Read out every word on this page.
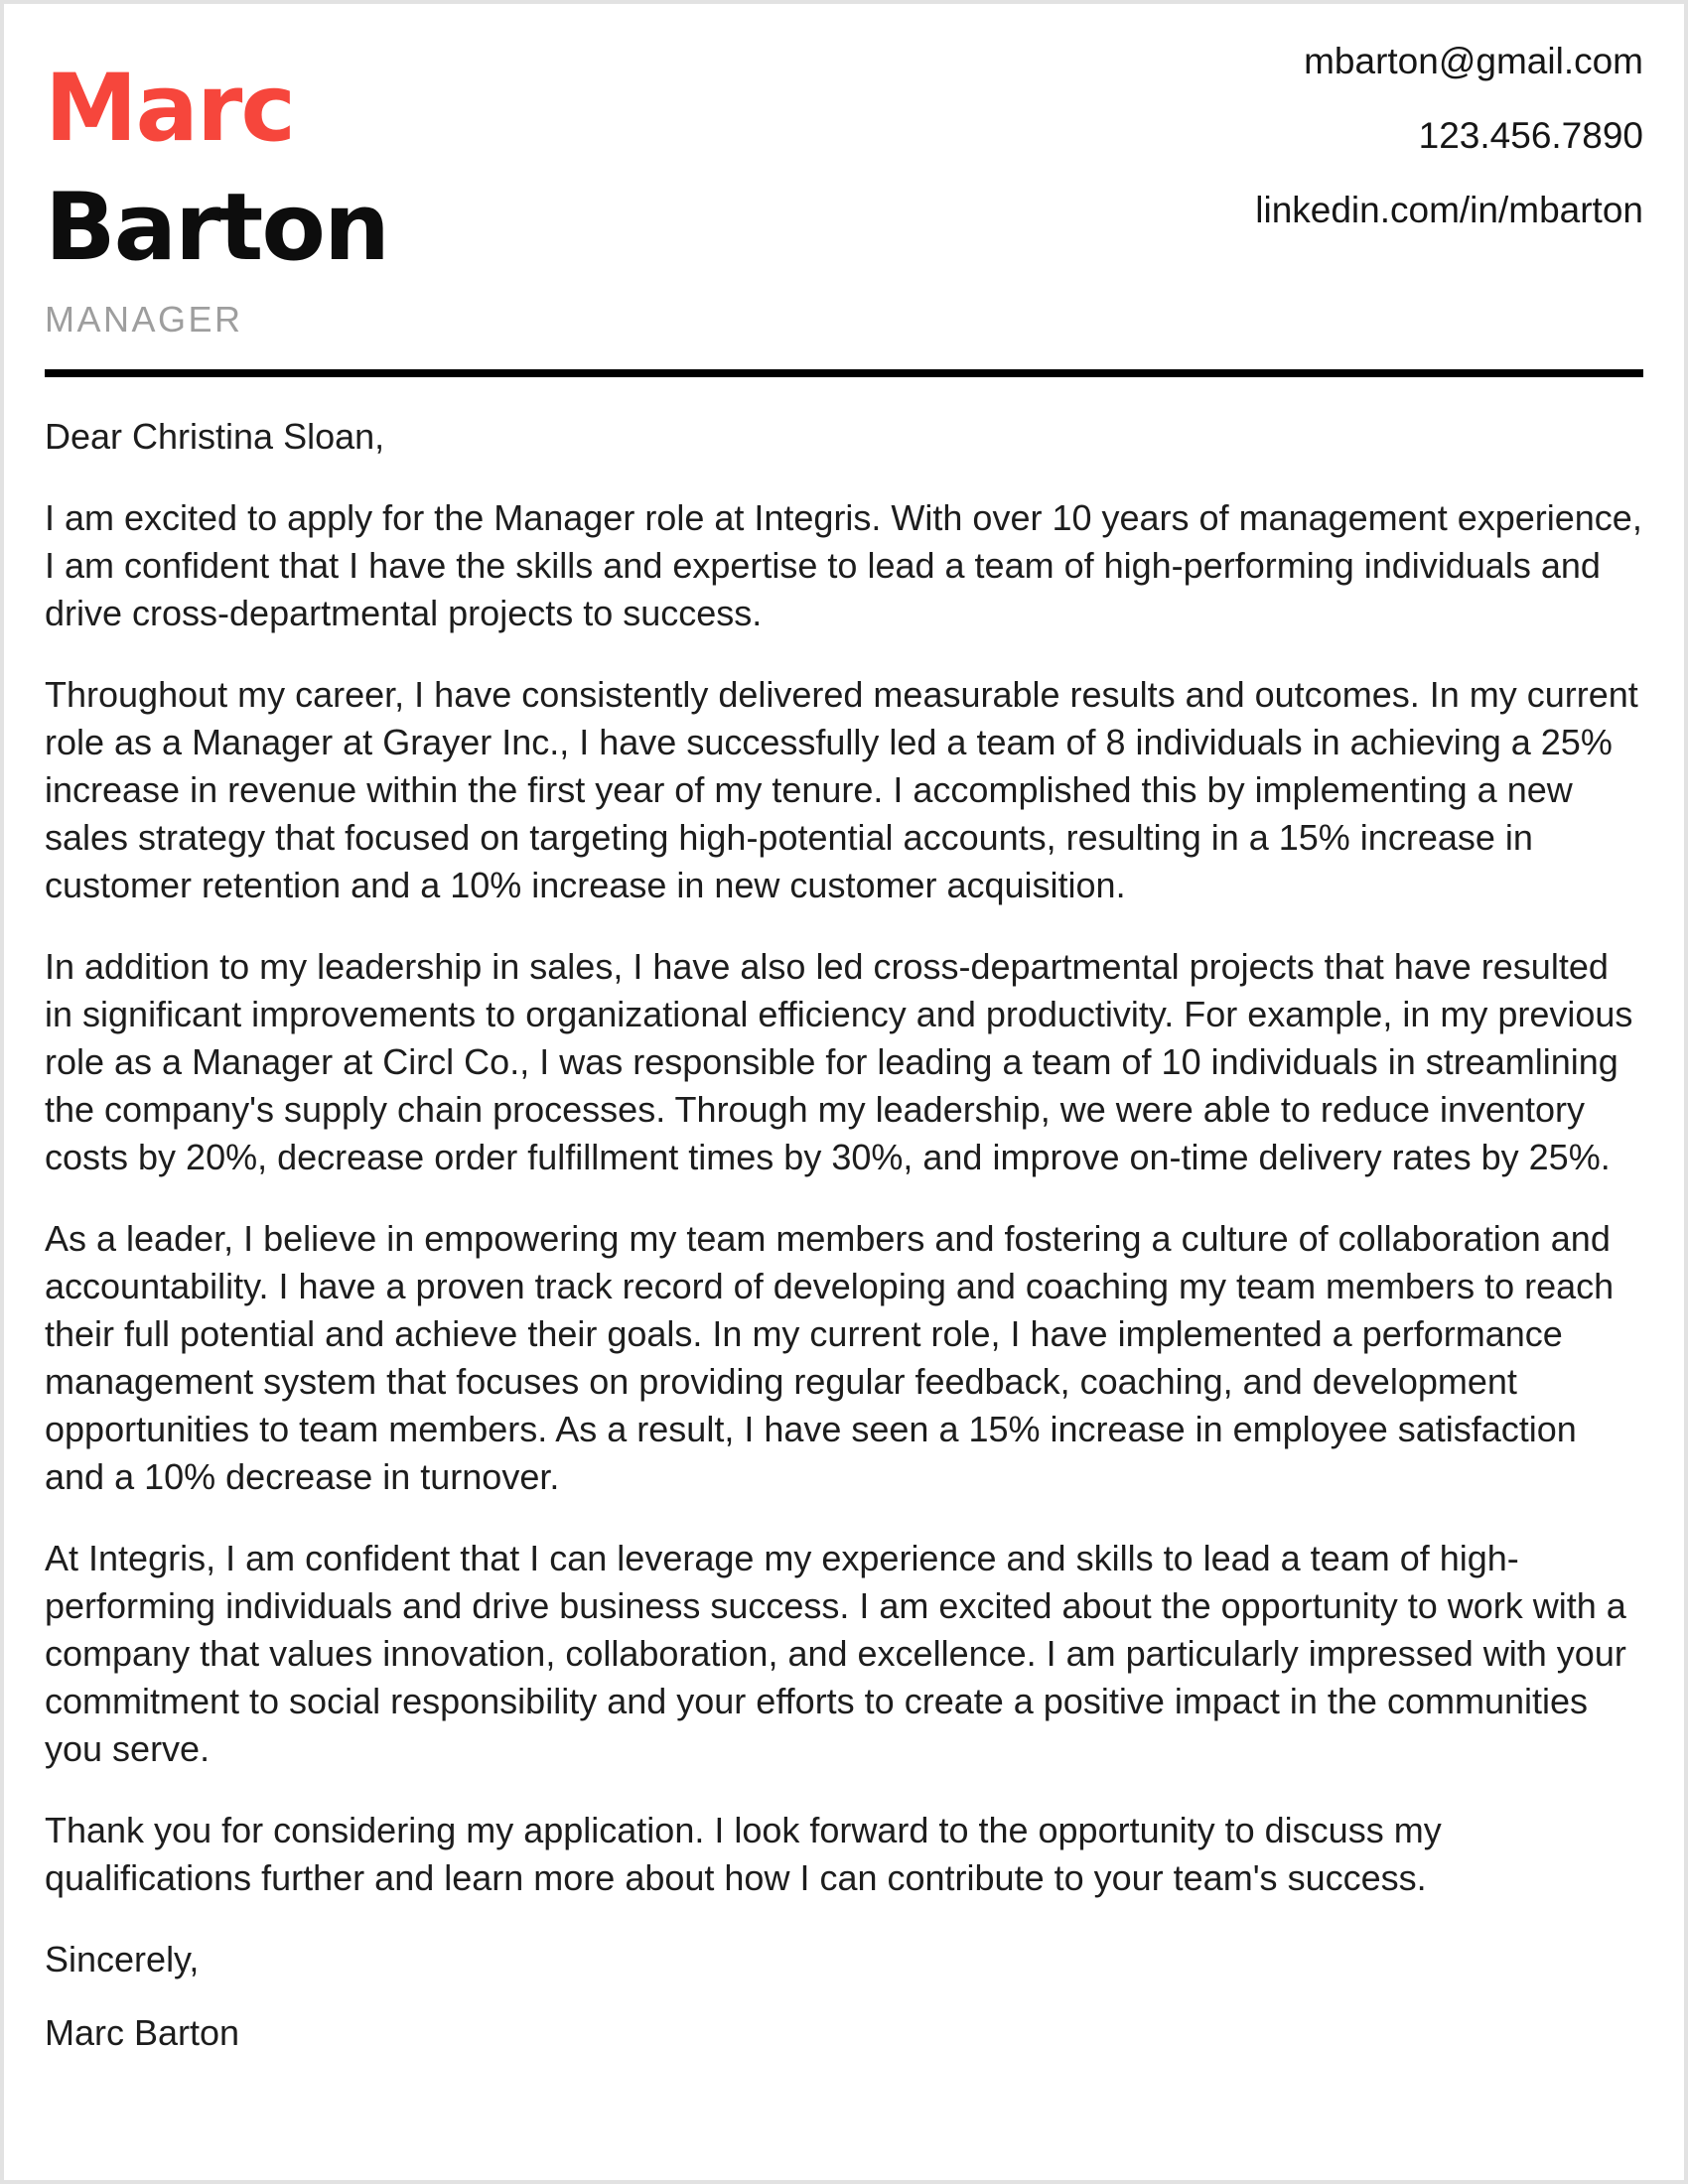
Marc
Barton
MANAGER
mbarton@gmail.com
123.456.7890
linkedin.com/in/mbarton

Dear Christina Sloan,

I am excited to apply for the Manager role at Integris. With over 10 years of management experience, I am confident that I have the skills and expertise to lead a team of high-performing individuals and drive cross-departmental projects to success.

Throughout my career, I have consistently delivered measurable results and outcomes. In my current role as a Manager at Grayer Inc., I have successfully led a team of 8 individuals in achieving a 25% increase in revenue within the first year of my tenure. I accomplished this by implementing a new sales strategy that focused on targeting high-potential accounts, resulting in a 15% increase in customer retention and a 10% increase in new customer acquisition.

In addition to my leadership in sales, I have also led cross-departmental projects that have resulted in significant improvements to organizational efficiency and productivity. For example, in my previous role as a Manager at Circl Co., I was responsible for leading a team of 10 individuals in streamlining the company's supply chain processes. Through my leadership, we were able to reduce inventory costs by 20%, decrease order fulfillment times by 30%, and improve on-time delivery rates by 25%.

As a leader, I believe in empowering my team members and fostering a culture of collaboration and accountability. I have a proven track record of developing and coaching my team members to reach their full potential and achieve their goals. In my current role, I have implemented a performance management system that focuses on providing regular feedback, coaching, and development opportunities to team members. As a result, I have seen a 15% increase in employee satisfaction and a 10% decrease in turnover.

At Integris, I am confident that I can leverage my experience and skills to lead a team of high-performing individuals and drive business success. I am excited about the opportunity to work with a company that values innovation, collaboration, and excellence. I am particularly impressed with your commitment to social responsibility and your efforts to create a positive impact in the communities you serve.

Thank you for considering my application. I look forward to the opportunity to discuss my qualifications further and learn more about how I can contribute to your team's success.

Sincerely,

Marc Barton
